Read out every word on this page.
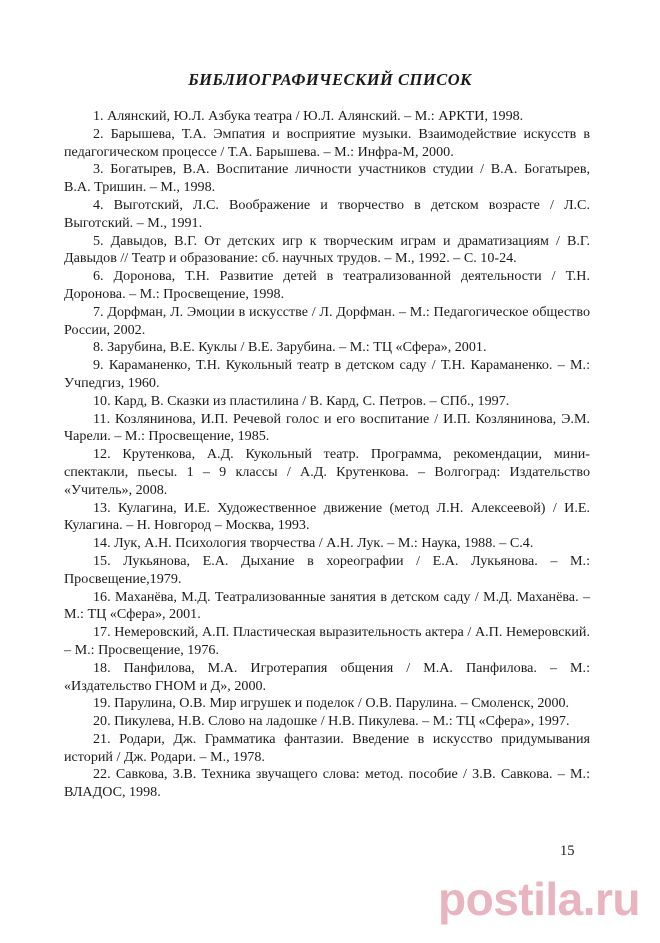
БИБЛИОГРАФИЧЕСКИЙ СПИСОК

1. Алянский, Ю.Л. Азбука театра / Ю.Л. Алянский. – М.: АРКТИ, 1998.

2. Барышева, Т.А. Эмпатия и восприятие музыки. Взаимодействие искусств в педагогическом процессе / Т.А. Барышева. – М.: Инфра-М, 2000.

3. Богатырев, В.А. Воспитание личности участников студии / В.А. Богатырев, В.А. Тришин. – М., 1998.

4. Выготский, Л.С. Воображение и творчество в детском возрасте / Л.С. Выготский. – М., 1991.

5. Давыдов, В.Г. От детских игр к творческим играм и драматизациям / В.Г. Давыдов // Театр и образование: сб. научных трудов. – М., 1992. – С. 10-24.

6. Доронова, Т.Н. Развитие детей в театрализованной деятельности / Т.Н. Доронова. – М.: Просвещение, 1998.

7. Дорфман, Л. Эмоции в искусстве / Л. Дорфман. – М.: Педагогическое общество России, 2002.

8. Зарубина, В.Е. Куклы / В.Е. Зарубина. – М.: ТЦ «Сфера», 2001.

9. Караманенко, Т.Н. Кукольный театр в детском саду / Т.Н. Караманенко. – М.: Учпедгиз, 1960.

10. Кард, В. Сказки из пластилина / В. Кард, С. Петров. – СПб., 1997.

11. Козлянинова, И.П. Речевой голос и его воспитание / И.П. Козлянинова, Э.М. Чарели. – М.: Просвещение, 1985.

12. Крутенкова, А.Д. Кукольный театр. Программа, рекомендации, мини-спектакли, пьесы. 1 – 9 классы / А.Д. Крутенкова. – Волгоград: Издательство «Учитель», 2008.

13. Кулагина, И.Е. Художественное движение (метод Л.Н. Алексеевой) / И.Е. Кулагина. – Н. Новгород – Москва, 1993.

14. Лук, А.Н. Психология творчества / А.Н. Лук. – М.: Наука, 1988. – С.4.

15. Лукьянова, Е.А. Дыхание в хореографии / Е.А. Лукьянова. – М.: Просвещение,1979.

16. Маханёва, М.Д. Театрализованные занятия в детском саду / М.Д. Маханёва. – М.: ТЦ «Сфера», 2001.

17. Немеровский, А.П. Пластическая выразительность актера / А.П. Немеровский. – М.: Просвещение, 1976.

18. Панфилова, М.А. Игротерапия общения / М.А. Панфилова. – М.: «Издательство ГНОМ и Д», 2000.

19. Парулина, О.В. Мир игрушек и поделок / О.В. Парулина. – Смоленск, 2000.

20. Пикулева, Н.В. Слово на ладошке / Н.В. Пикулева. – М.: ТЦ «Сфера», 1997.

21. Родари, Дж. Грамматика фантазии. Введение в искусство придумывания историй / Дж. Родари. – М., 1978.

22. Савкова, З.В. Техника звучащего слова: метод. пособие / З.В. Савкова. – М.: ВЛАДОС, 1998.

15
postila.ru
